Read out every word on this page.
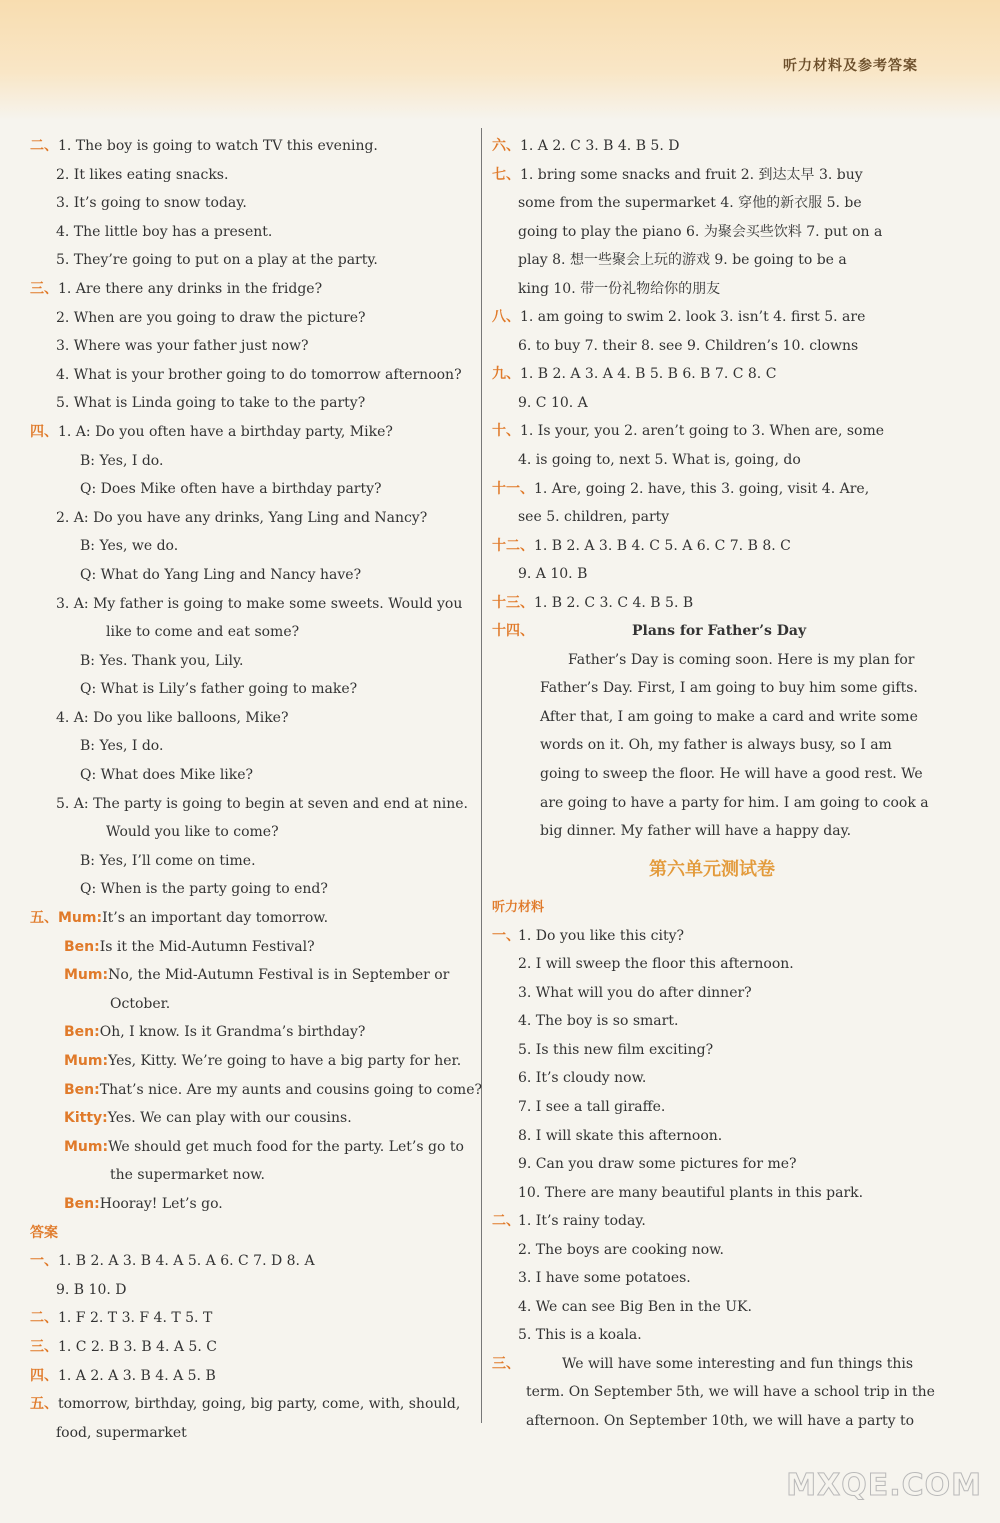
听力材料及参考答案
二、1. The boy is going to watch TV this evening.
2. It likes eating snacks.
3. It’s going to snow today.
4. The little boy has a present.
5. They’re going to put on a play at the party.
三、1. Are there any drinks in the fridge?
2. When are you going to draw the picture?
3. Where was your father just now?
4. What is your brother going to do tomorrow afternoon?
5. What is Linda going to take to the party?
四、1. A: Do you often have a birthday party, Mike?
B: Yes, I do.
Q: Does Mike often have a birthday party?
2. A: Do you have any drinks, Yang Ling and Nancy?
B: Yes, we do.
Q: What do Yang Ling and Nancy have?
3. A: My father is going to make some sweets. Would you
like to come and eat some?
B: Yes. Thank you, Lily.
Q: What is Lily’s father going to make?
4. A: Do you like balloons, Mike?
B: Yes, I do.
Q: What does Mike like?
5. A: The party is going to begin at seven and end at nine.
Would you like to come?
B: Yes, I’ll come on time.
Q: When is the party going to end?
五、Mum:It’s an important day tomorrow.
Ben:Is it the Mid-Autumn Festival?
Mum:No, the Mid-Autumn Festival is in September or
October.
Ben:Oh, I know. Is it Grandma’s birthday?
Mum:Yes, Kitty. We’re going to have a big party for her.
Ben:That’s nice. Are my aunts and cousins going to come?
Kitty:Yes. We can play with our cousins.
Mum:We should get much food for the party. Let’s go to
the supermarket now.
Ben:Hooray! Let’s go.
答案
一、1. B 2. A 3. B 4. A 5. A 6. C 7. D 8. A
9. B 10. D
二、1. F 2. T 3. F 4. T 5. T
三、1. C 2. B 3. B 4. A 5. C
四、1. A 2. A 3. B 4. A 5. B
五、tomorrow, birthday, going, big party, come, with, should,
food, supermarket
六、1. A 2. C 3. B 4. B 5. D
七、1. bring some snacks and fruit 2. 到达太早 3. buy
some from the supermarket 4. 穿他的新衣服 5. be
going to play the piano 6. 为聚会买些饮料 7. put on a
play 8. 想一些聚会上玩的游戏 9. be going to be a
king 10. 带一份礼物给你的朋友
八、1. am going to swim 2. look 3. isn’t 4. first 5. are
6. to buy 7. their 8. see 9. Children’s 10. clowns
九、1. B 2. A 3. A 4. B 5. B 6. B 7. C 8. C
9. C 10. A
十、1. Is your, you 2. aren’t going to 3. When are, some
4. is going to, next 5. What is, going, do
十一、1. Are, going 2. have, this 3. going, visit 4. Are,
see 5. children, party
十二、1. B 2. A 3. B 4. C 5. A 6. C 7. B 8. C
9. A 10. B
十三、1. B 2. C 3. C 4. B 5. B
十四、	Plans for Father’s Day
Father’s Day is coming soon. Here is my plan for
Father’s Day. First, I am going to buy him some gifts.
After that, I am going to make a card and write some
words on it. Oh, my father is always busy, so I am
going to sweep the floor. He will have a good rest. We
are going to have a party for him. I am going to cook a
big dinner. My father will have a happy day.
第六单元测试卷
听力材料
一、1. Do you like this city?
2. I will sweep the floor this afternoon.
3. What will you do after dinner?
4. The boy is so smart.
5. Is this new film exciting?
6. It’s cloudy now.
7. I see a tall giraffe.
8. I will skate this afternoon.
9. Can you draw some pictures for me?
10. There are many beautiful plants in this park.
二、1. It’s rainy today.
2. The boys are cooking now.
3. I have some potatoes.
4. We can see Big Ben in the UK.
5. This is a koala.
三、	We will have some interesting and fun things this
term. On September 5th, we will have a school trip in the
afternoon. On September 10th, we will have a party to
MXQE.COM
